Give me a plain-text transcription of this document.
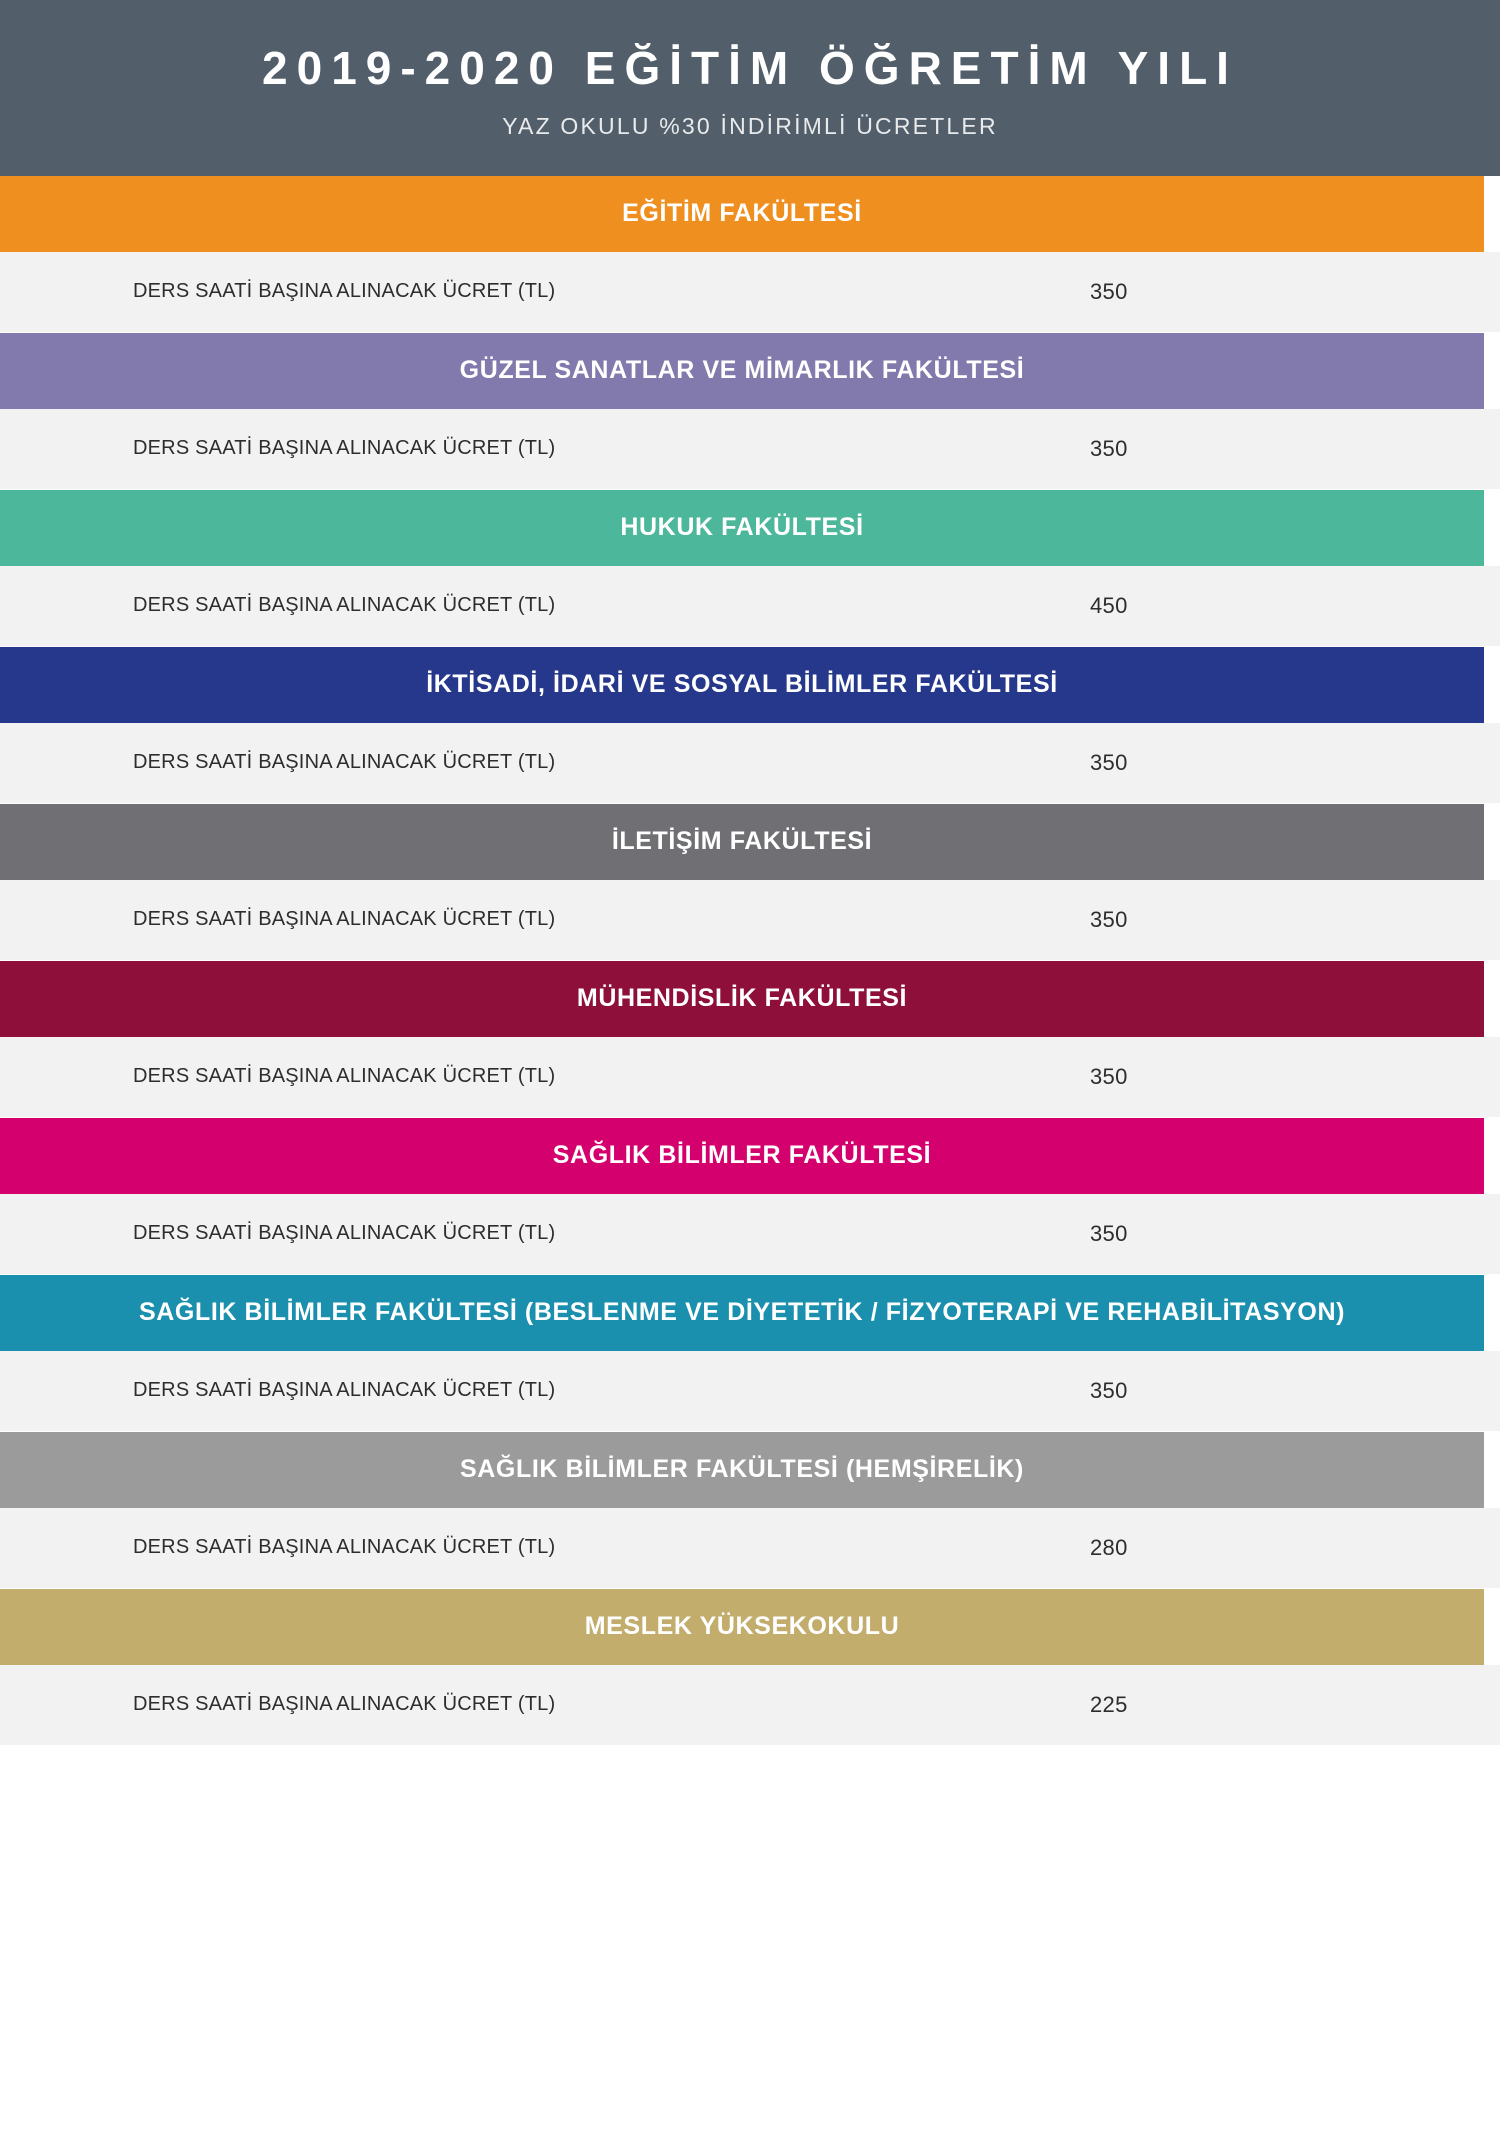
2019-2020 EĞİTİM ÖĞRETİM YILI
YAZ OKULU %30 İNDİRİMLİ ÜCRETLER
EĞİTİM FAKÜLTESİ
DERS SAATİ BAŞINA ALINACAK ÜCRET (TL)	350
GÜZEL SANATLAR VE MİMARLIK FAKÜLTESİ
DERS SAATİ BAŞINA ALINACAK ÜCRET (TL)	350
HUKUK FAKÜLTESİ
DERS SAATİ BAŞINA ALINACAK ÜCRET (TL)	450
İKTİSADİ, İDARİ VE SOSYAL BİLİMLER FAKÜLTESİ
DERS SAATİ BAŞINA ALINACAK ÜCRET (TL)	350
İLETİŞİM FAKÜLTESİ
DERS SAATİ BAŞINA ALINACAK ÜCRET (TL)	350
MÜHENDİSLİK FAKÜLTESİ
DERS SAATİ BAŞINA ALINACAK ÜCRET (TL)	350
SAĞLIK BİLİMLER FAKÜLTESİ
DERS SAATİ BAŞINA ALINACAK ÜCRET (TL)	350
SAĞLIK BİLİMLER FAKÜLTESİ (BESLENME VE DİYETETİK / FİZYOTERAPİ VE REHABİLİTASYON)
DERS SAATİ BAŞINA ALINACAK ÜCRET (TL)	350
SAĞLIK BİLİMLER FAKÜLTESİ (HEMŞİRELİK)
DERS SAATİ BAŞINA ALINACAK ÜCRET (TL)	280
MESLEK YÜKSEKOKULU
DERS SAATİ BAŞINA ALINACAK ÜCRET (TL)	225
